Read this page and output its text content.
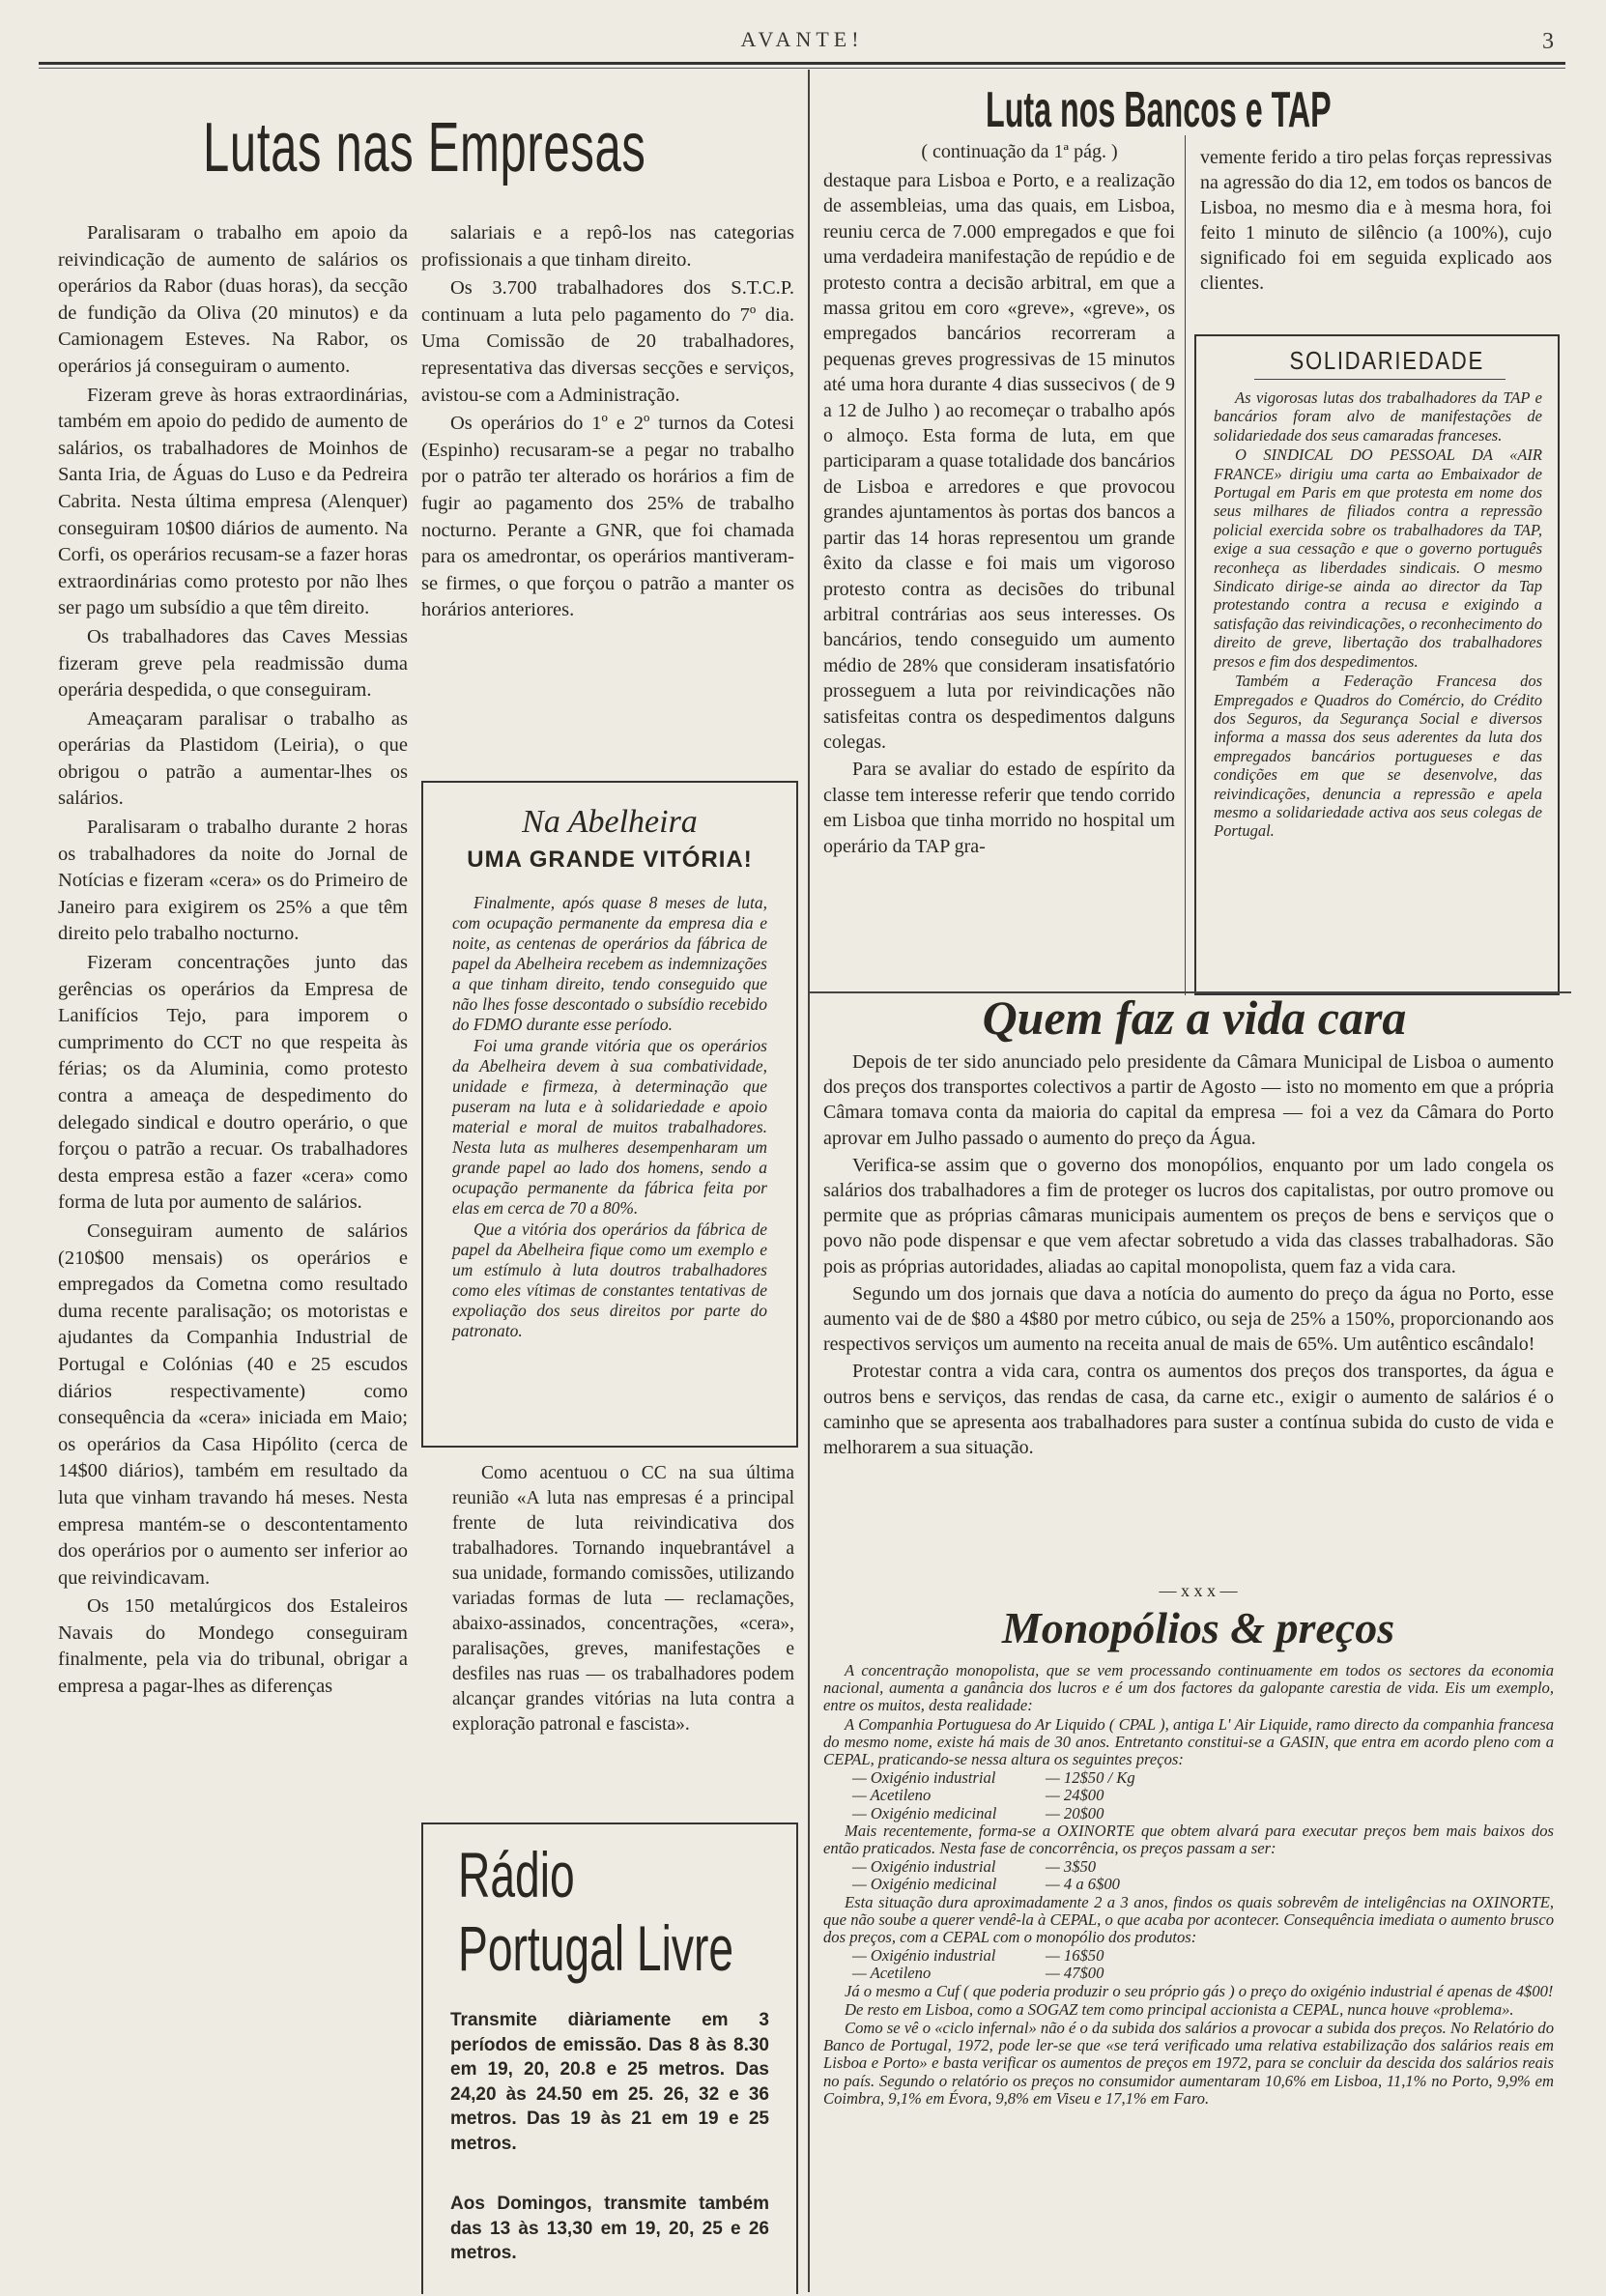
AVANTE!	3
Lutas nas Empresas

Paralisaram o trabalho em apoio da reivindicação de aumento de salários os operários da Rabor (duas horas), da secção de fundição da Oliva (20 minutos) e da Camionagem Esteves. Na Rabor, os operários já conseguiram o aumento.

Fizeram greve às horas extraordinárias, também em apoio do pedido de aumento de salários, os trabalhadores de Moinhos de Santa Iria, de Águas do Luso e da Pedreira Cabrita. Nesta última empresa (Alenquer) conseguiram 10$00 diários de aumento. Na Corfi, os operários recusam-se a fazer horas extraordinárias como protesto por não lhes ser pago um subsídio a que têm direito.

Os trabalhadores das Caves Messias fizeram greve pela readmissão duma operária despedida, o que conseguiram.

Ameaçaram paralisar o trabalho as operárias da Plastidom (Leiria), o que obrigou o patrão a aumentar-lhes os salários.

Paralisaram o trabalho durante 2 horas os trabalhadores da noite do Jornal de Notícias e fizeram «cera» os do Primeiro de Janeiro para exigirem os 25% a que têm direito pelo trabalho nocturno.

Fizeram concentrações junto das gerências os operários da Empresa de Lanifícios Tejo, para imporem o cumprimento do CCT no que respeita às férias; os da Aluminia, como protesto contra a ameaça de despedimento do delegado sindical e doutro operário, o que forçou o patrão a recuar. Os trabalhadores desta empresa estão a fazer «cera» como forma de luta por aumento de salários.

Conseguiram aumento de salários (210$00 mensais) os operários e empregados da Cometna como resultado duma recente paralisação; os motoristas e ajudantes da Companhia Industrial de Portugal e Colónias (40 e 25 escudos diários respectivamente) como consequência da «cera» iniciada em Maio; os operários da Casa Hipólito (cerca de 14$00 diários), também em resultado da luta que vinham travando há meses. Nesta empresa mantém-se o descontentamento dos operários por o aumento ser inferior ao que reivindicavam.

Os 150 metalúrgicos dos Estaleiros Navais do Mondego conseguiram finalmente, pela via do tribunal, obrigar a empresa a pagar-lhes as diferenças

salariais e a repô-los nas categorias profissionais a que tinham direito.

Os 3.700 trabalhadores dos S.T.C.P. continuam a luta pelo pagamento do 7º dia. Uma Comissão de 20 trabalhadores, representativa das diversas secções e serviços, avistou-se com a Administração.

Os operários do 1º e 2º turnos da Cotesi (Espinho) recusaram-se a pegar no trabalho por o patrão ter alterado os horários a fim de fugir ao pagamento dos 25% de trabalho nocturno. Perante a GNR, que foi chamada para os amedrontar, os operários mantiveram-se firmes, o que forçou o patrão a manter os horários anteriores.

Na Abelheira
UMA GRANDE VITÓRIA!

Finalmente, após quase 8 meses de luta, com ocupação permanente da empresa dia e noite, as centenas de operários da fábrica de papel da Abelheira recebem as indemnizações a que tinham direito, tendo conseguido que não lhes fosse descontado o subsídio recebido do FDMO durante esse período.

Foi uma grande vitória que os operários da Abelheira devem à sua combatividade, unidade e firmeza, à determinação que puseram na luta e à solidariedade e apoio material e moral de muitos trabalhadores. Nesta luta as mulheres desempenharam um grande papel ao lado dos homens, sendo a ocupação permanente da fábrica feita por elas em cerca de 70 a 80%.

Que a vitória dos operários da fábrica de papel da Abelheira fique como um exemplo e um estímulo à luta doutros trabalhadores como eles vítimas de constantes tentativas de expoliação dos seus direitos por parte do patronato.

Como acentuou o CC na sua última reunião «A luta nas empresas é a principal frente de luta reivindicativa dos trabalhadores. Tornando inquebrantável a sua unidade, formando comissões, utilizando variadas formas de luta — reclamações, abaixo-assinados, concentrações, «cera», paralisações, greves, manifestações e desfiles nas ruas — os trabalhadores podem alcançar grandes vitórias na luta contra a exploração patronal e fascista».

Rádio
Portugal Livre
Transmite diàriamente em 3 períodos de emissão. Das 8 às 8.30 em 19, 20, 20.8 e 25 metros. Das 24,20 às 24.50 em 25. 26, 32 e 36 metros. Das 19 às 21 em 19 e 25 metros.
Aos Domingos, transmite também das 13 às 13,30 em 19, 20, 25 e 26 metros.
Luta nos Bancos e TAP
( continuação da 1ª pág. )

destaque para Lisboa e Porto, e a realização de assembleias, uma das quais, em Lisboa, reuniu cerca de 7.000 empregados e que foi uma verdadeira manifestação de repúdio e de protesto contra a decisão arbitral, em que a massa gritou em coro «greve», «greve», os empregados bancários recorreram a pequenas greves progressivas de 15 minutos até uma hora durante 4 dias sussecivos ( de 9 a 12 de Julho ) ao recomeçar o trabalho após o almoço. Esta forma de luta, em que participaram a quase totalidade dos bancários de Lisboa e arredores e que provocou grandes ajuntamentos às portas dos bancos a partir das 14 horas representou um grande êxito da classe e foi mais um vigoroso protesto contra as decisões do tribunal arbitral contrárias aos seus interesses. Os bancários, tendo conseguido um aumento médio de 28% que consideram insatisfatório prosseguem a luta por reivindicações não satisfeitas contra os despedimentos dalguns colegas.

Para se avaliar do estado de espírito da classe tem interesse referir que tendo corrido em Lisboa que tinha morrido no hospital um operário da TAP gra-

vemente ferido a tiro pelas forças repressivas na agressão do dia 12, em todos os bancos de Lisboa, no mesmo dia e à mesma hora, foi feito 1 minuto de silêncio (a 100%), cujo significado foi em seguida explicado aos clientes.

SOLIDARIEDADE

As vigorosas lutas dos trabalhadores da TAP e bancários foram alvo de manifestações de solidariedade dos seus camaradas franceses.

O SINDICAL DO PESSOAL DA «AIR FRANCE» dirigiu uma carta ao Embaixador de Portugal em Paris em que protesta em nome dos seus milhares de filiados contra a repressão policial exercida sobre os trabalhadores da TAP, exige a sua cessação e que o governo português reconheça as liberdades sindicais. O mesmo Sindicato dirige-se ainda ao director da Tap protestando contra a recusa e exigindo a satisfação das reivindicações, o reconhecimento do direito de greve, libertação dos trabalhadores presos e fim dos despedimentos.

Também a Federação Francesa dos Empregados e Quadros do Comércio, do Crédito dos Seguros, da Segurança Social e diversos informa a massa dos seus aderentes da luta dos empregados bancários portugueses e das condições em que se desenvolve, das reivindicações, denuncia a repressão e apela mesmo a solidariedade activa aos seus colegas de Portugal.

Quem faz a vida cara

Depois de ter sido anunciado pelo presidente da Câmara Municipal de Lisboa o aumento dos preços dos transportes colectivos a partir de Agosto — isto no momento em que a própria Câmara tomava conta da maioria do capital da empresa — foi a vez da Câmara do Porto aprovar em Julho passado o aumento do preço da Água.

Verifica-se assim que o governo dos monopólios, enquanto por um lado congela os salários dos trabalhadores a fim de proteger os lucros dos capitalistas, por outro promove ou permite que as próprias câmaras municipais aumentem os preços de bens e serviços que o povo não pode dispensar e que vem afectar sobretudo a vida das classes trabalhadoras. São pois as próprias autoridades, aliadas ao capital monopolista, quem faz a vida cara.

Segundo um dos jornais que dava a notícia do aumento do preço da água no Porto, esse aumento vai de de $80 a 4$80 por metro cúbico, ou seja de 25% a 150%, proporcionando aos respectivos serviços um aumento na receita anual de mais de 65%. Um autêntico escândalo!

Protestar contra a vida cara, contra os aumentos dos preços dos transportes, da água e outros bens e serviços, das rendas de casa, da carne etc., exigir o aumento de salários é o caminho que se apresenta aos trabalhadores para suster a contínua subida do custo de vida e melhorarem a sua situação.

— x x x —
Monopólios & preços

A concentração monopolista, que se vem processando continuamente em todos os sectores da economia nacional, aumenta a ganância dos lucros e é um dos factores da galopante carestia de vida. Eis um exemplo, entre os muitos, desta realidade:

A Companhia Portuguesa do Ar Liquido ( CPAL ), antiga L' Air Liquide, ramo directo da companhia francesa do mesmo nome, existe há mais de 30 anos. Entretanto constitui-se a GASIN, que entra em acordo pleno com a CEPAL, praticando-se nessa altura os seguintes preços:

— Oxigénio industrial	— 12$50 / Kg
— Acetileno	— 24$00
— Oxigénio medicinal	— 20$00

Mais recentemente, forma-se a OXINORTE que obtem alvará para executar preços bem mais baixos dos então praticados. Nesta fase de concorrência, os preços passam a ser:

— Oxigénio industrial	— 3$50
— Oxigénio medicinal	— 4 a 6$00

Esta situação dura aproximadamente 2 a 3 anos, findos os quais sobrevêm de inteligências na OXINORTE, que não soube a querer vendê-la à CEPAL, o que acaba por acontecer. Consequência imediata o aumento brusco dos preços, com a CEPAL com o monopólio dos produtos:

— Oxigénio industrial	— 16$50
— Acetileno	— 47$00

Já o mesmo a Cuf ( que poderia produzir o seu próprio gás ) o preço do oxigénio industrial é apenas de 4$00!

De resto em Lisboa, como a SOGAZ tem como principal accionista a CEPAL, nunca houve «problema».

Como se vê o «ciclo infernal» não é o da subida dos salários a provocar a subida dos preços. No Relatório do Banco de Portugal, 1972, pode ler-se que «se terá verificado uma relativa estabilização dos salários reais em Lisboa e Porto» e basta verificar os aumentos de preços em 1972, para se concluir da descida dos salários reais no país. Segundo o relatório os preços no consumidor aumentaram 10,6% em Lisboa, 11,1% no Porto, 9,9% em Coimbra, 9,1% em Évora, 9,8% em Viseu e 17,1% em Faro.
